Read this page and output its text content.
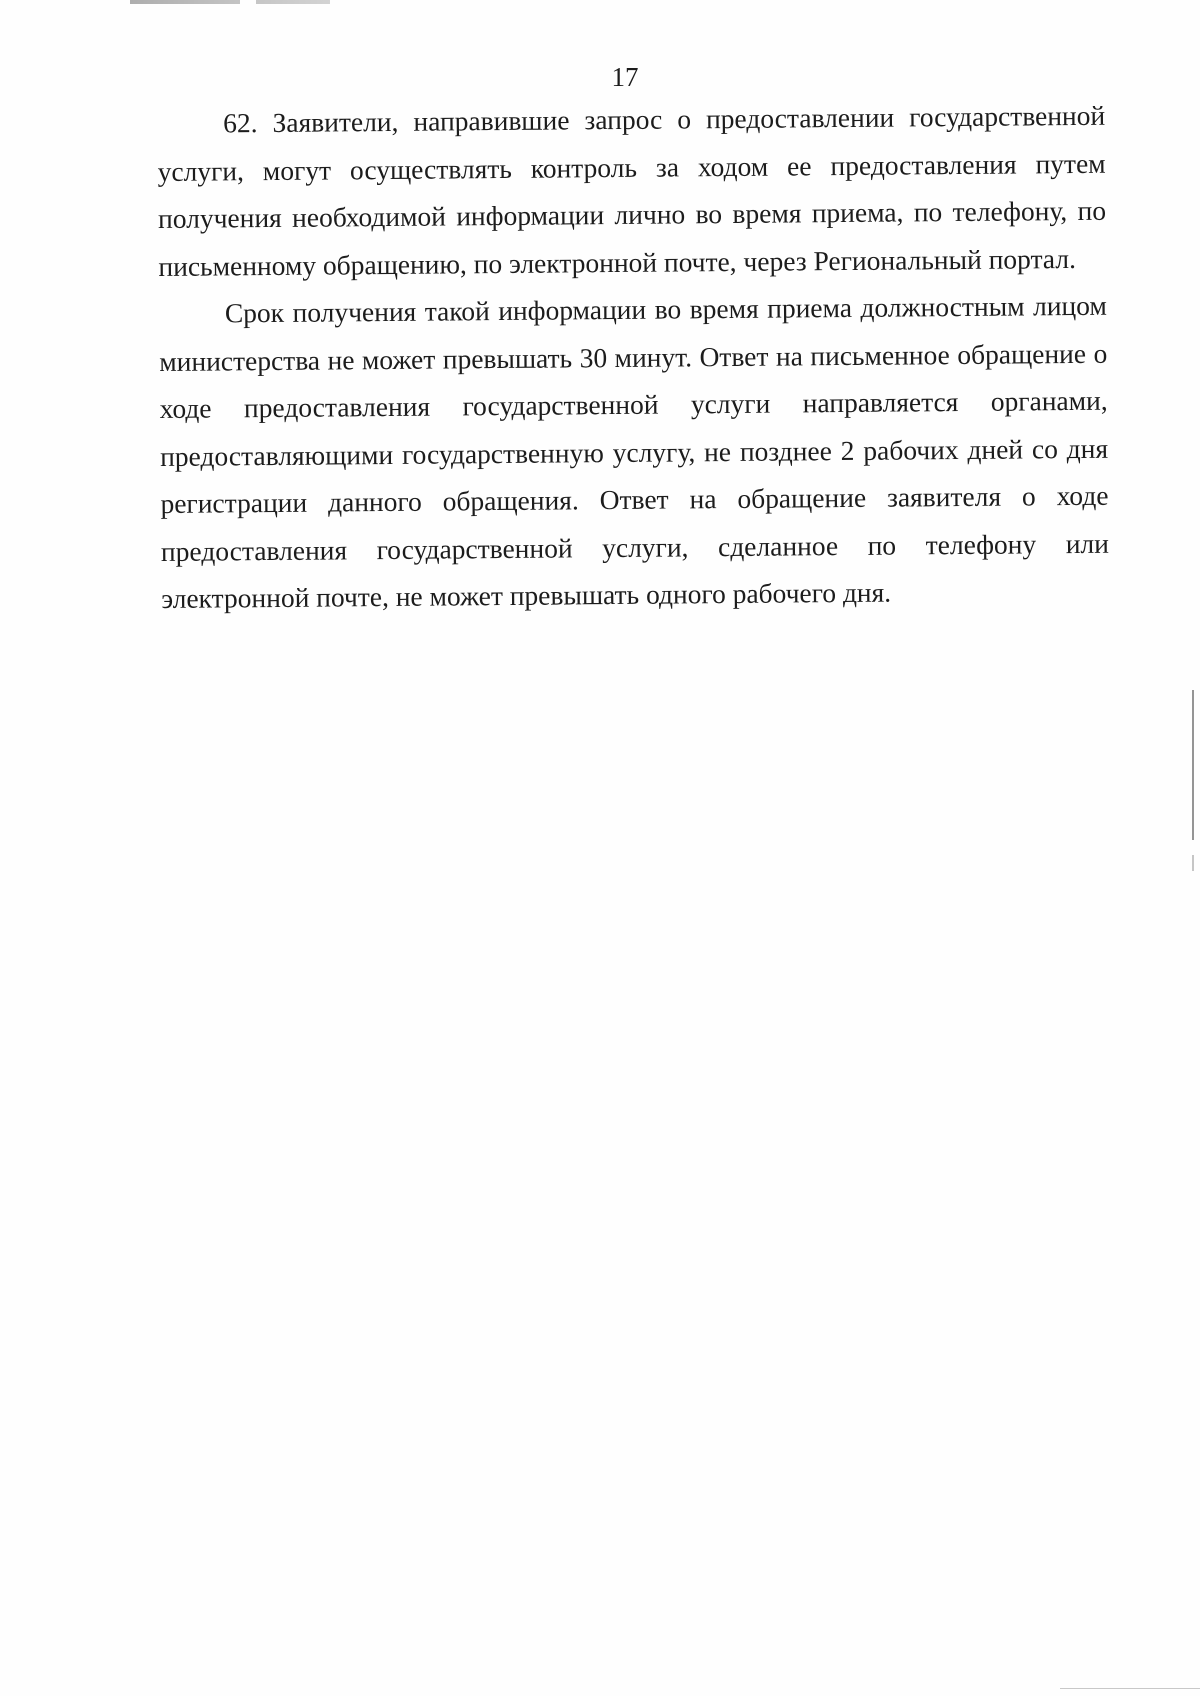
17

62. Заявители, направившие запрос о предоставлении государственной услуги, могут осуществлять контроль за ходом ее предоставления путем получения необходимой информации лично во время приема, по телефону, по письменному обращению, по электронной почте, через Региональный портал.

Срок получения такой информации во время приема должностным лицом министерства не может превышать 30 минут. Ответ на письменное обращение о ходе предоставления государственной услуги направляется органами, предоставляющими государственную услугу, не позднее 2 рабочих дней со дня регистрации данного обращения. Ответ на обращение заявителя о ходе предоставления государственной услуги, сделанное по телефону или электронной почте, не может превышать одного рабочего дня.
